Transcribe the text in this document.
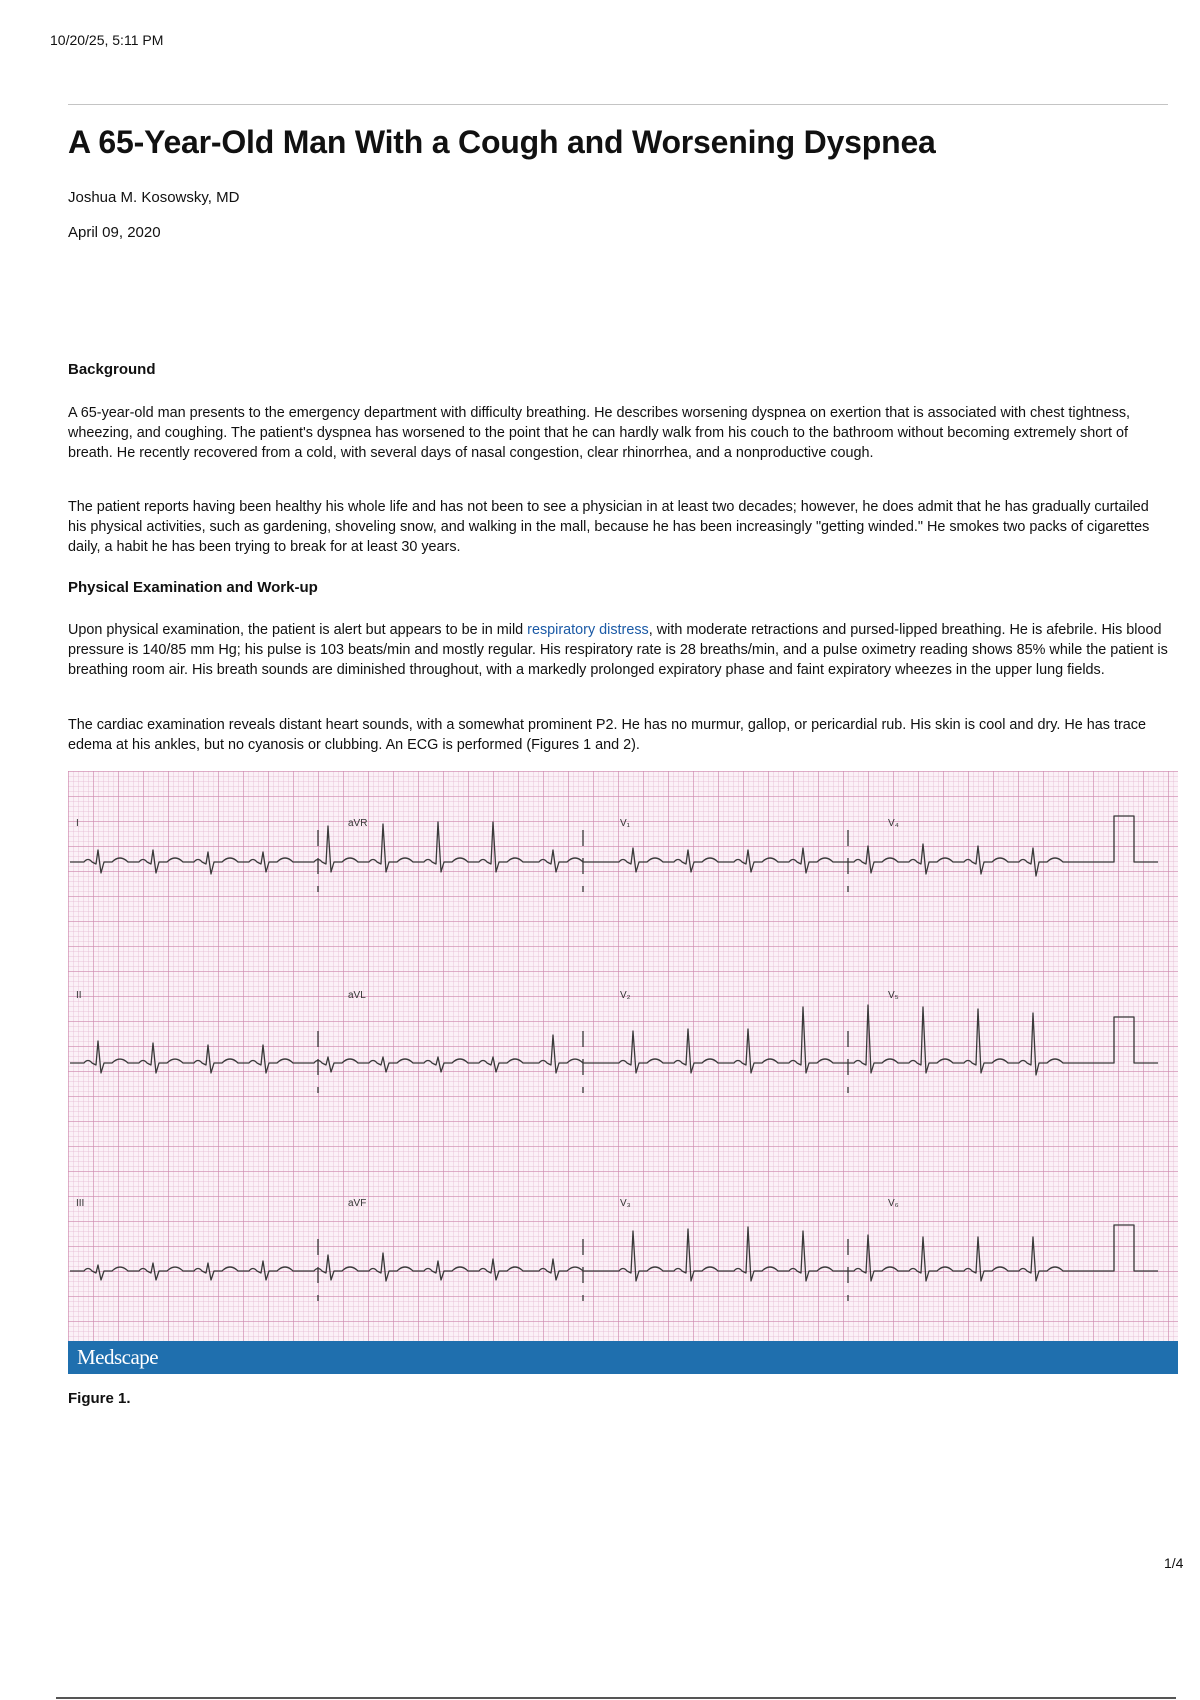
10/20/25, 5:11 PM
A 65-Year-Old Man With a Cough and Worsening Dyspnea
Joshua M. Kosowsky, MD
April 09, 2020
Background

A 65-year-old man presents to the emergency department with difficulty breathing. He describes worsening dyspnea on exertion that is associated with chest tightness, wheezing, and coughing. The patient's dyspnea has worsened to the point that he can hardly walk from his couch to the bathroom without becoming extremely short of breath. He recently recovered from a cold, with several days of nasal congestion, clear rhinorrhea, and a nonproductive cough.

The patient reports having been healthy his whole life and has not been to see a physician in at least two decades; however, he does admit that he has gradually curtailed his physical activities, such as gardening, shoveling snow, and walking in the mall, because he has been increasingly "getting winded." He smokes two packs of cigarettes daily, a habit he has been trying to break for at least 30 years.

Physical Examination and Work-up

Upon physical examination, the patient is alert but appears to be in mild respiratory distress, with moderate retractions and pursed-lipped breathing. He is afebrile. His blood pressure is 140/85 mm Hg; his pulse is 103 beats/min and mostly regular. His respiratory rate is 28 breaths/min, and a pulse oximetry reading shows 85% while the patient is breathing room air. His breath sounds are diminished throughout, with a markedly prolonged expiratory phase and faint expiratory wheezes in the upper lung fields.

The cardiac examination reveals distant heart sounds, with a somewhat prominent P2. He has no murmur, gallop, or pericardial rub. His skin is cool and dry. He has trace edema at his ankles, but no cyanosis or clubbing. An ECG is performed (Figures 1 and 2).

I	aVR	V₁	V₄
II	aVL	V₂	V₅
III	aVF	V₃	V₆
Medscape
Figure 1.
1/4
